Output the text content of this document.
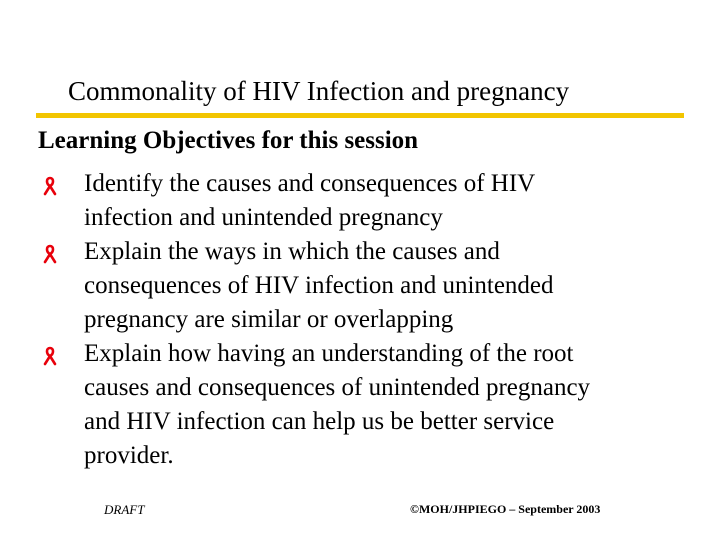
Commonality of HIV Infection and pregnancy
Learning Objectives for this session
Identify the causes and consequences of HIV
infection and unintended pregnancy
Explain the ways in which the causes and
consequences of HIV infection and unintended
pregnancy are similar or overlapping
Explain how having an understanding of the root
causes and consequences of unintended pregnancy
and HIV infection can help us be better service
provider.
DRAFT	©MOH/JHPIEGO – September 2003
